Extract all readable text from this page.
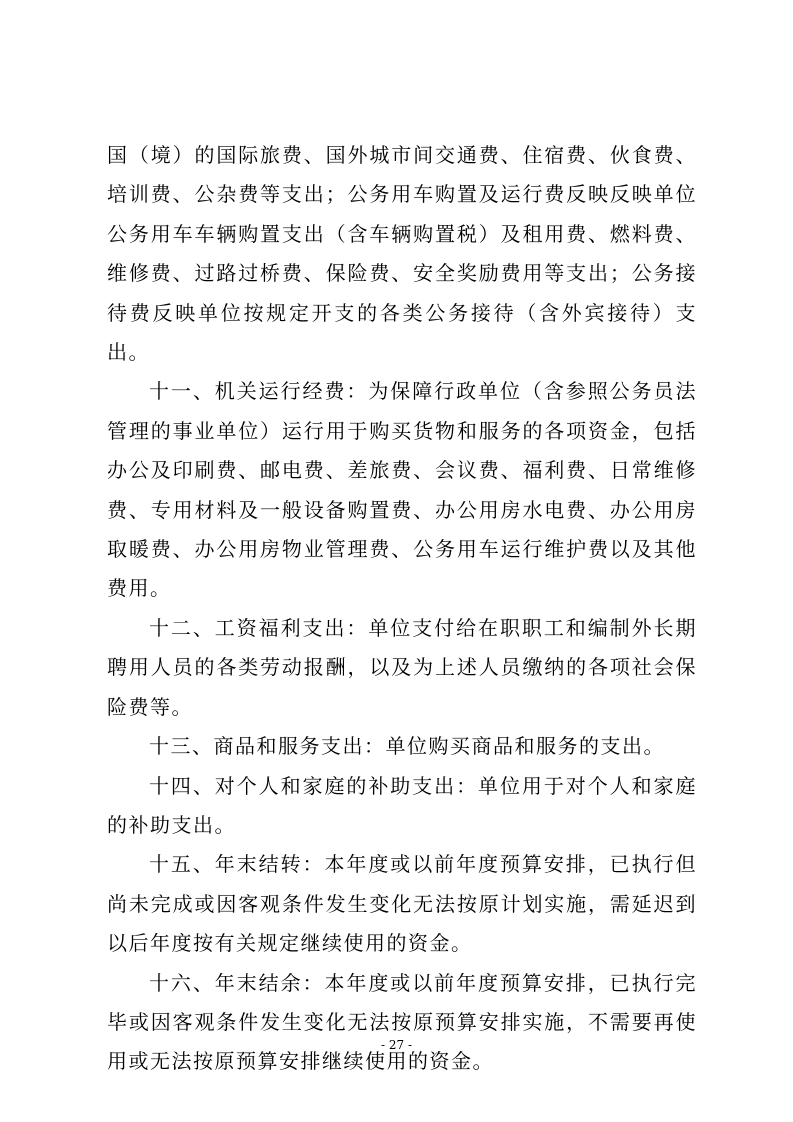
国（境）的国际旅费、国外城市间交通费、住宿费、伙食费、培训费、公杂费等支出；公务用车购置及运行费反映反映单位公务用车车辆购置支出（含车辆购置税）及租用费、燃料费、维修费、过路过桥费、保险费、安全奖励费用等支出；公务接待费反映单位按规定开支的各类公务接待（含外宾接待）支出。

十一、机关运行经费：为保障行政单位（含参照公务员法管理的事业单位）运行用于购买货物和服务的各项资金，包括办公及印刷费、邮电费、差旅费、会议费、福利费、日常维修费、专用材料及一般设备购置费、办公用房水电费、办公用房取暖费、办公用房物业管理费、公务用车运行维护费以及其他费用。

十二、工资福利支出：单位支付给在职职工和编制外长期聘用人员的各类劳动报酬，以及为上述人员缴纳的各项社会保险费等。

十三、商品和服务支出：单位购买商品和服务的支出。

十四、对个人和家庭的补助支出：单位用于对个人和家庭的补助支出。

十五、年末结转：本年度或以前年度预算安排，已执行但尚未完成或因客观条件发生变化无法按原计划实施，需延迟到以后年度按有关规定继续使用的资金。

十六、年末结余：本年度或以前年度预算安排，已执行完毕或因客观条件发生变化无法按原预算安排实施，不需要再使用或无法按原预算安排继续使用的资金。

- 27 -
